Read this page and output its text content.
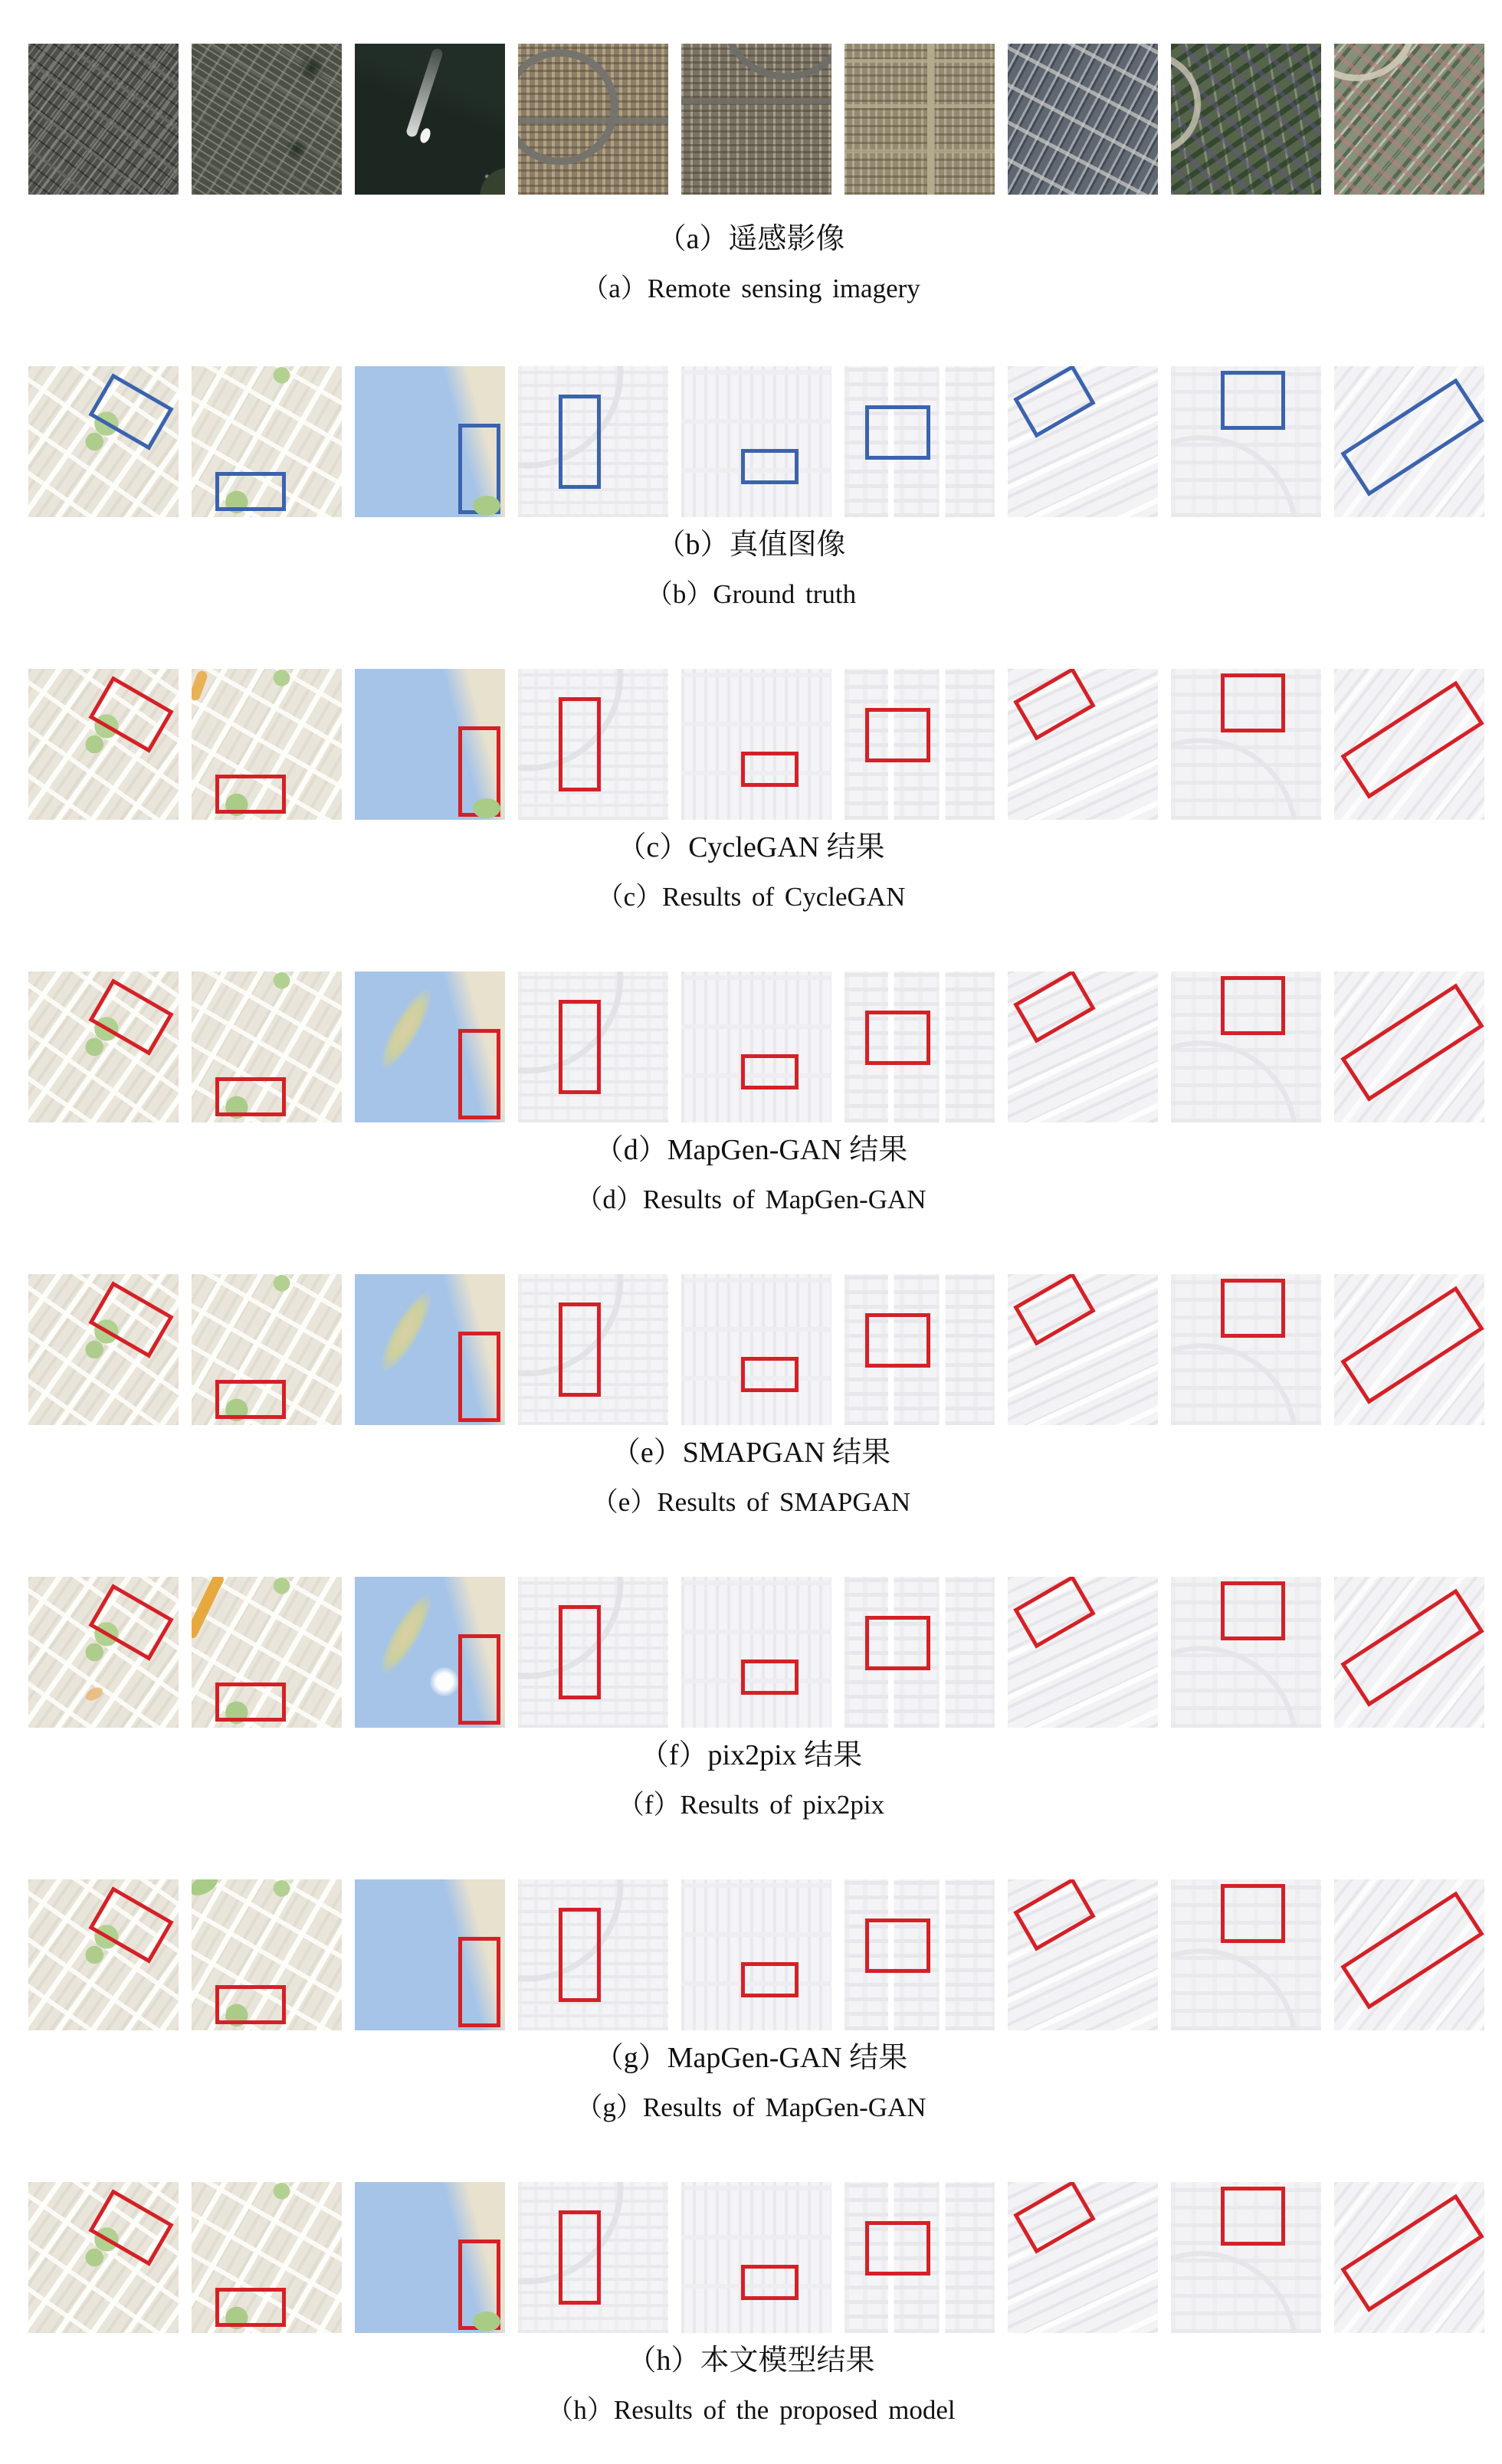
（a）遥感影像
（a）Remote sensing imagery
（b）真值图像
（b）Ground truth
（c）CycleGAN 结果
（c）Results of CycleGAN
（d）MapGen-GAN 结果
（d）Results of MapGen-GAN
（e）SMAPGAN 结果
（e）Results of SMAPGAN
（f）pix2pix 结果
（f）Results of pix2pix
（g）MapGen-GAN 结果
（g）Results of MapGen-GAN
（h）本文模型结果
（h）Results of the proposed model
